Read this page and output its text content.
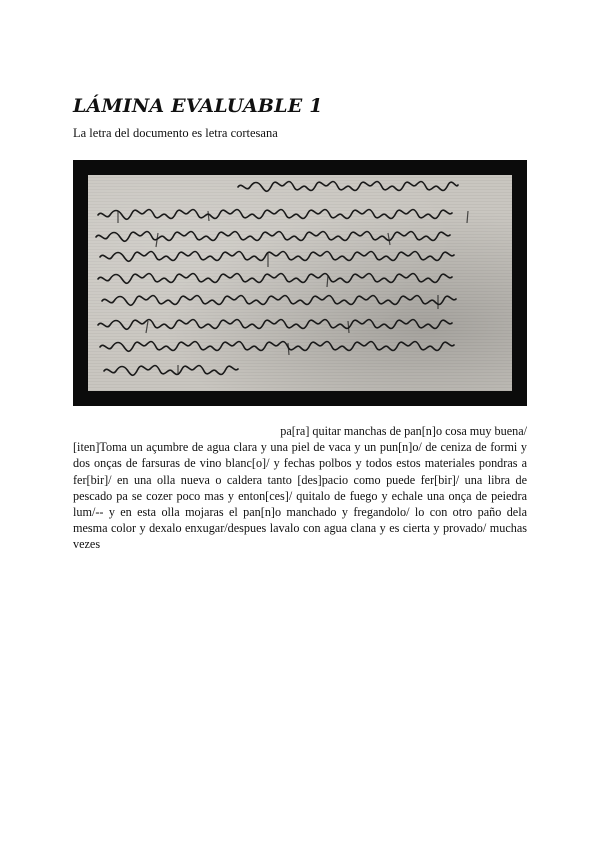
LÁMINA EVALUABLE 1

La letra del documento es letra cortesana

pa[ra] quitar manchas de pan[n]o cosa muy buena/
[iten]Toma un açumbre de agua clara y una piel de vaca y un pun[n]o/ de ceniza de formi y dos onças de farsuras de vino blanc[o]/ y fechas polbos y todos estos materiales pondras a fer[bir]/ en una olla nueva o caldera tanto [des]pacio como puede fer[bir]/ una libra de pescado pa se cozer poco mas y enton[ces]/ quitalo de fuego y echale una onça de peiedra lum/-- y en esta olla mojaras el pan[n]o manchado y fregandolo/ lo con otro paño dela mesma color y dexalo enxugar/despues lavalo con agua clana y es cierta y provado/ muchas vezes
